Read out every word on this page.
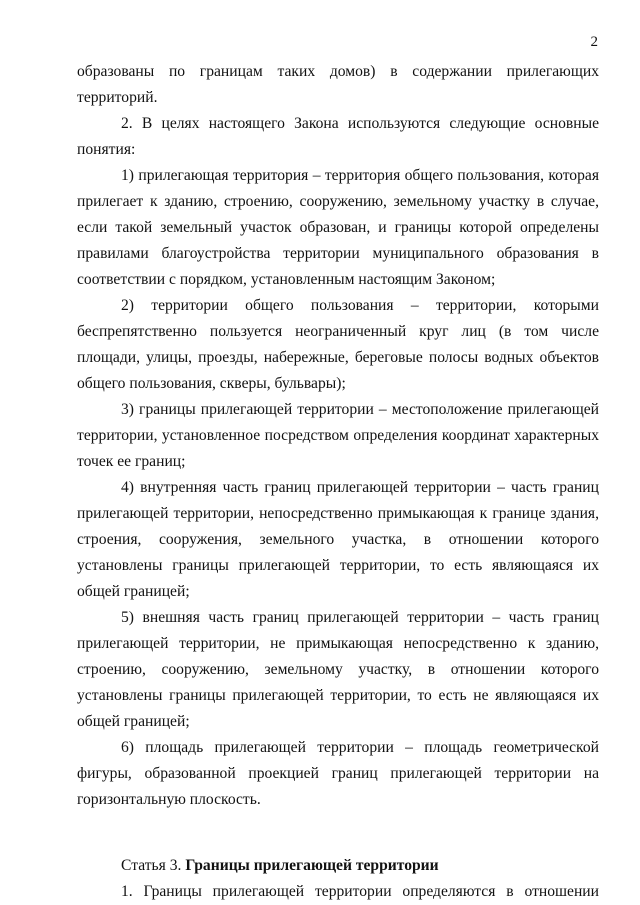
2

образованы по границам таких домов) в содержании прилегающих территорий.

2. В целях настоящего Закона используются следующие основные понятия:

1) прилегающая территория – территория общего пользования, которая прилегает к зданию, строению, сооружению, земельному участку в случае, если такой земельный участок образован, и границы которой определены правилами благоустройства территории муниципального образования в соответствии с порядком, установленным настоящим Законом;

2) территории общего пользования – территории, которыми беспрепятственно пользуется неограниченный круг лиц (в том числе площади, улицы, проезды, набережные, береговые полосы водных объектов общего пользования, скверы, бульвары);

3) границы прилегающей территории – местоположение прилегающей территории, установленное посредством определения координат характерных точек ее границ;

4) внутренняя часть границ прилегающей территории – часть границ прилегающей территории, непосредственно примыкающая к границе здания, строения, сооружения, земельного участка, в отношении которого установлены границы прилегающей территории, то есть являющаяся их общей границей;

5) внешняя часть границ прилегающей территории – часть границ прилегающей территории, не примыкающая непосредственно к зданию, строению, сооружению, земельному участку, в отношении которого установлены границы прилегающей территории, то есть не являющаяся их общей границей;

6) площадь прилегающей территории – площадь геометрической фигуры, образованной проекцией границ прилегающей территории на горизонтальную плоскость.

Статья 3. Границы прилегающей территории

1. Границы прилегающей территории определяются в отношении
